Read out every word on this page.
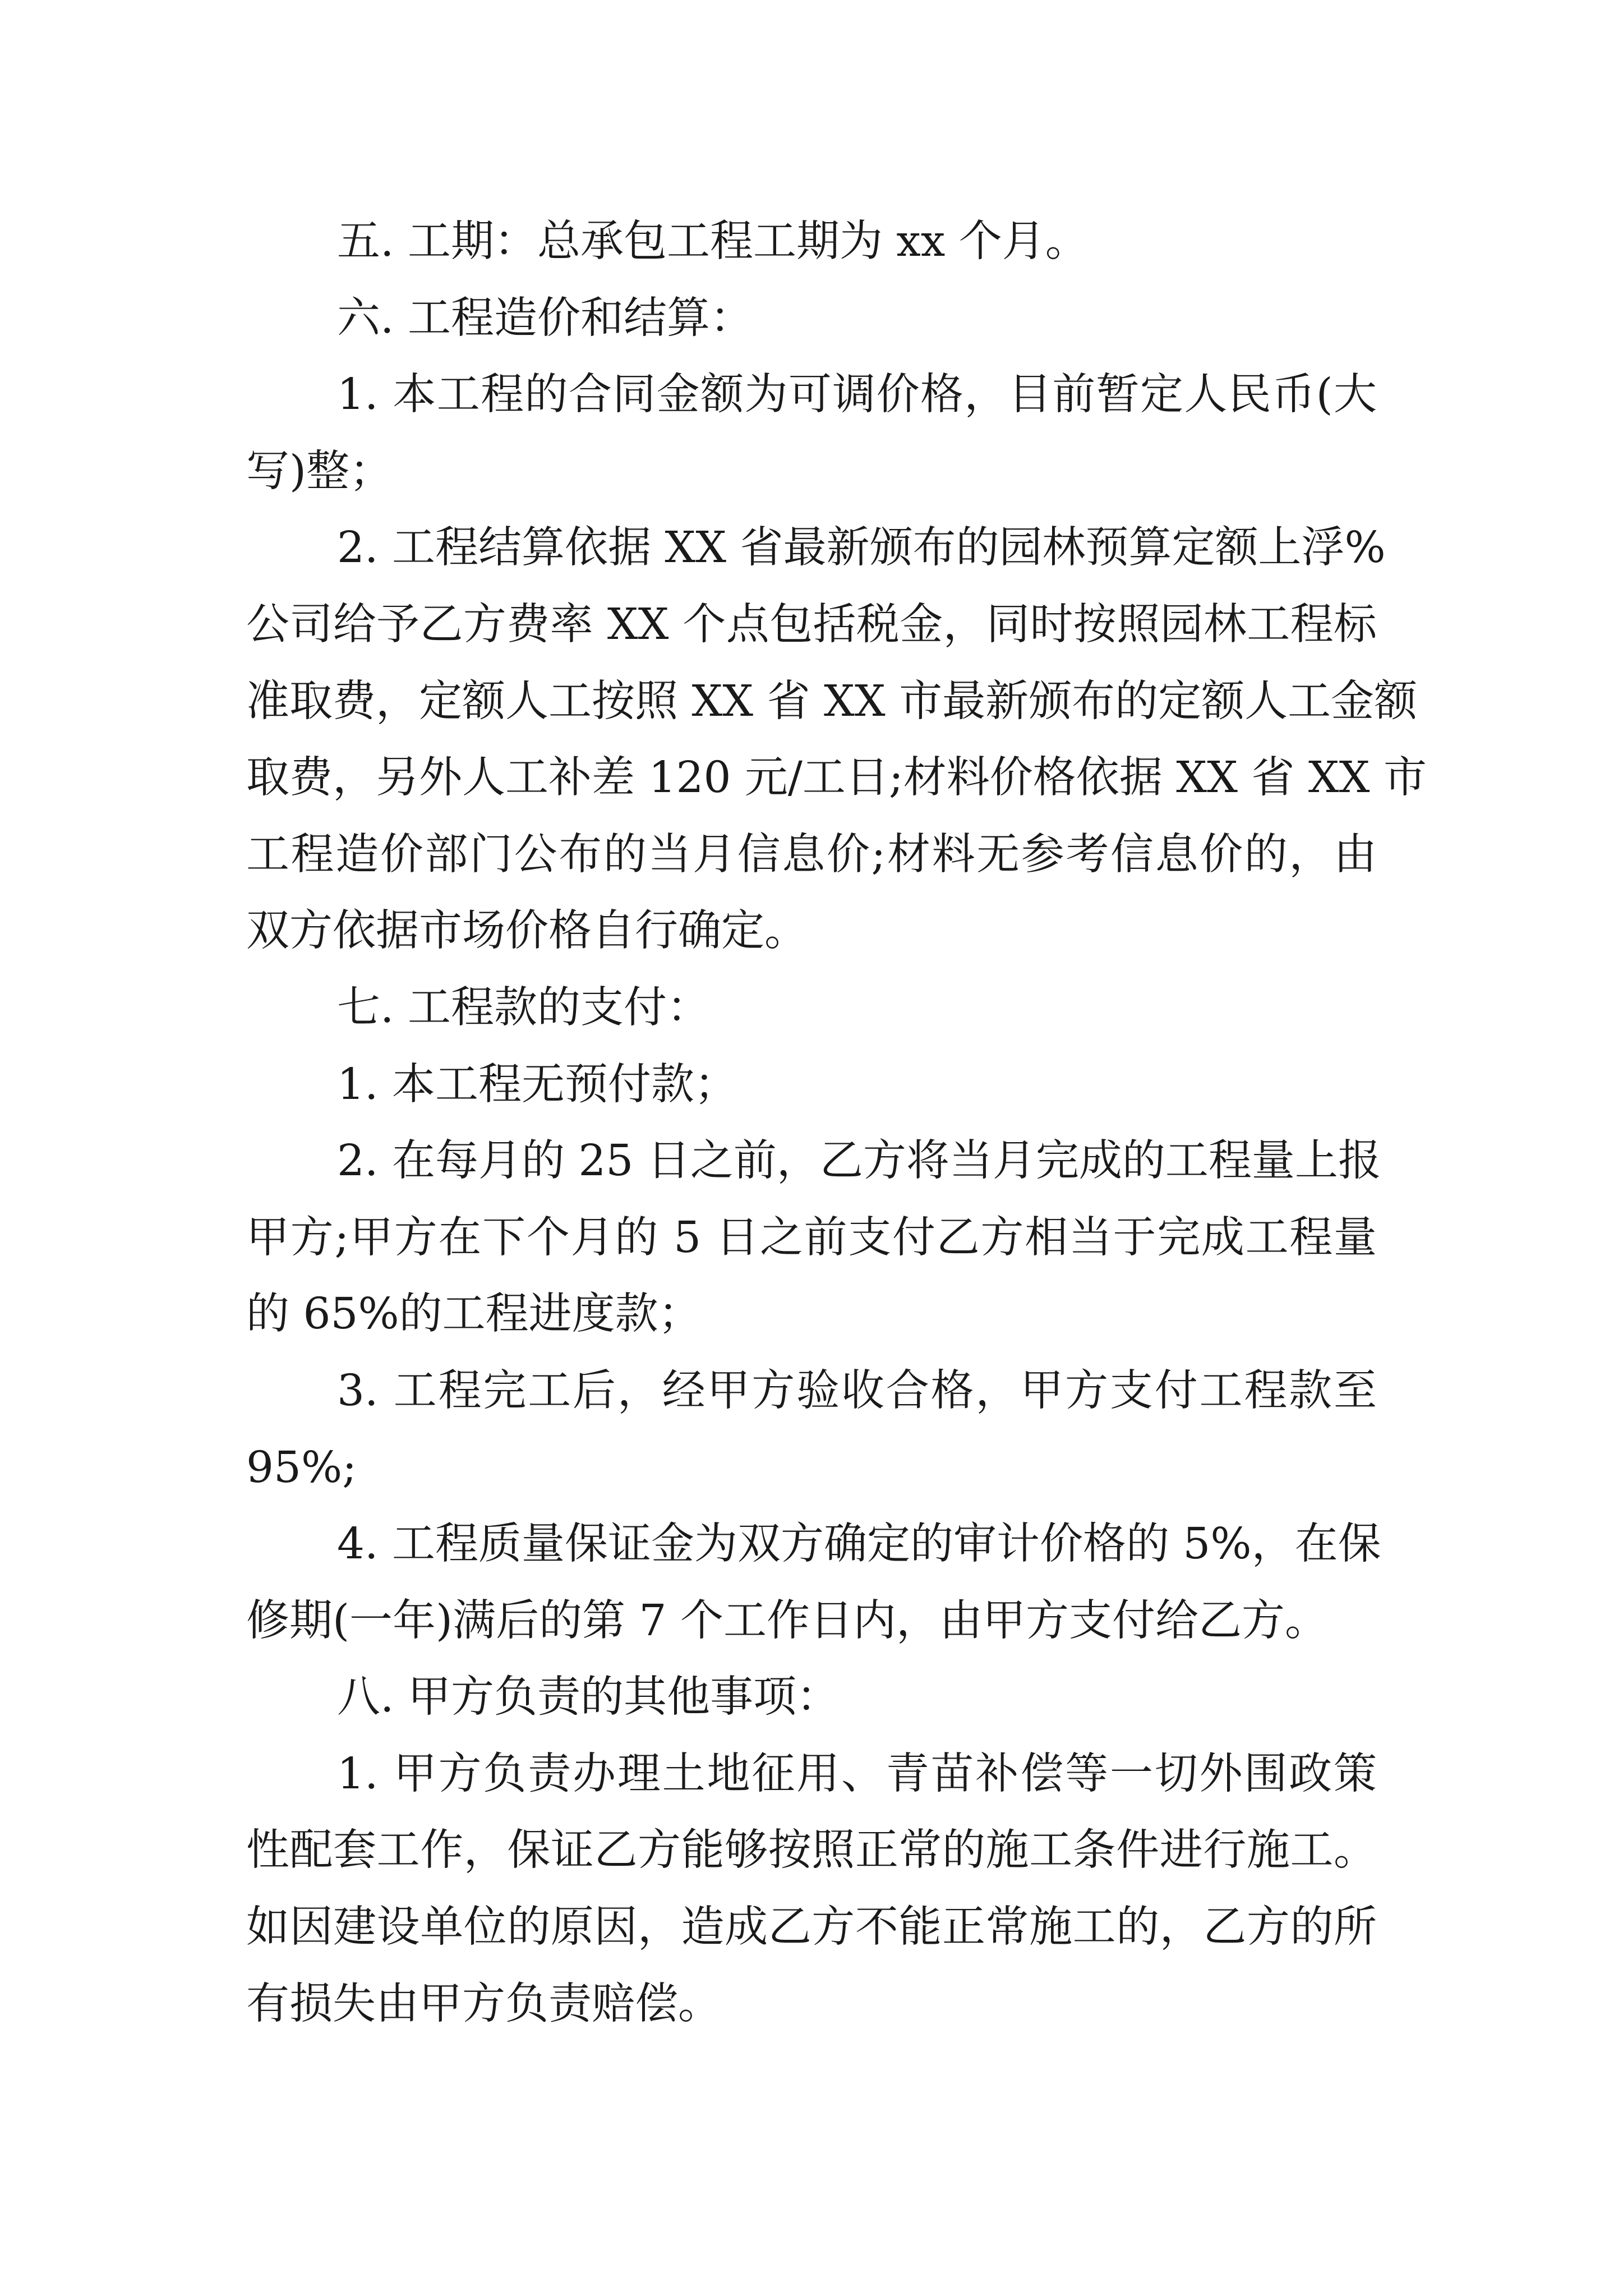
五. 工期：总承包工程工期为 xx 个月。
六. 工程造价和结算：
1. 本工程的合同金额为可调价格，目前暂定人民币(大
写)整；
2. 工程结算依据 XX 省最新颁布的园林预算定额上浮%
公司给予乙方费率 XX 个点包括税金，同时按照园林工程标
准取费，定额人工按照 XX 省 XX 市最新颁布的定额人工金额
取费，另外人工补差 120 元/工日;材料价格依据 XX 省 XX 市
工程造价部门公布的当月信息价;材料无参考信息价的，由
双方依据市场价格自行确定。
七. 工程款的支付：
1. 本工程无预付款；
2. 在每月的 25 日之前，乙方将当月完成的工程量上报
甲方;甲方在下个月的 5 日之前支付乙方相当于完成工程量
的 65%的工程进度款；
3. 工程完工后，经甲方验收合格，甲方支付工程款至
95%;
4. 工程质量保证金为双方确定的审计价格的 5%，在保
修期(一年)满后的第 7 个工作日内，由甲方支付给乙方。
八. 甲方负责的其他事项：
1. 甲方负责办理土地征用、青苗补偿等一切外围政策
性配套工作，保证乙方能够按照正常的施工条件进行施工。
如因建设单位的原因，造成乙方不能正常施工的，乙方的所
有损失由甲方负责赔偿。
